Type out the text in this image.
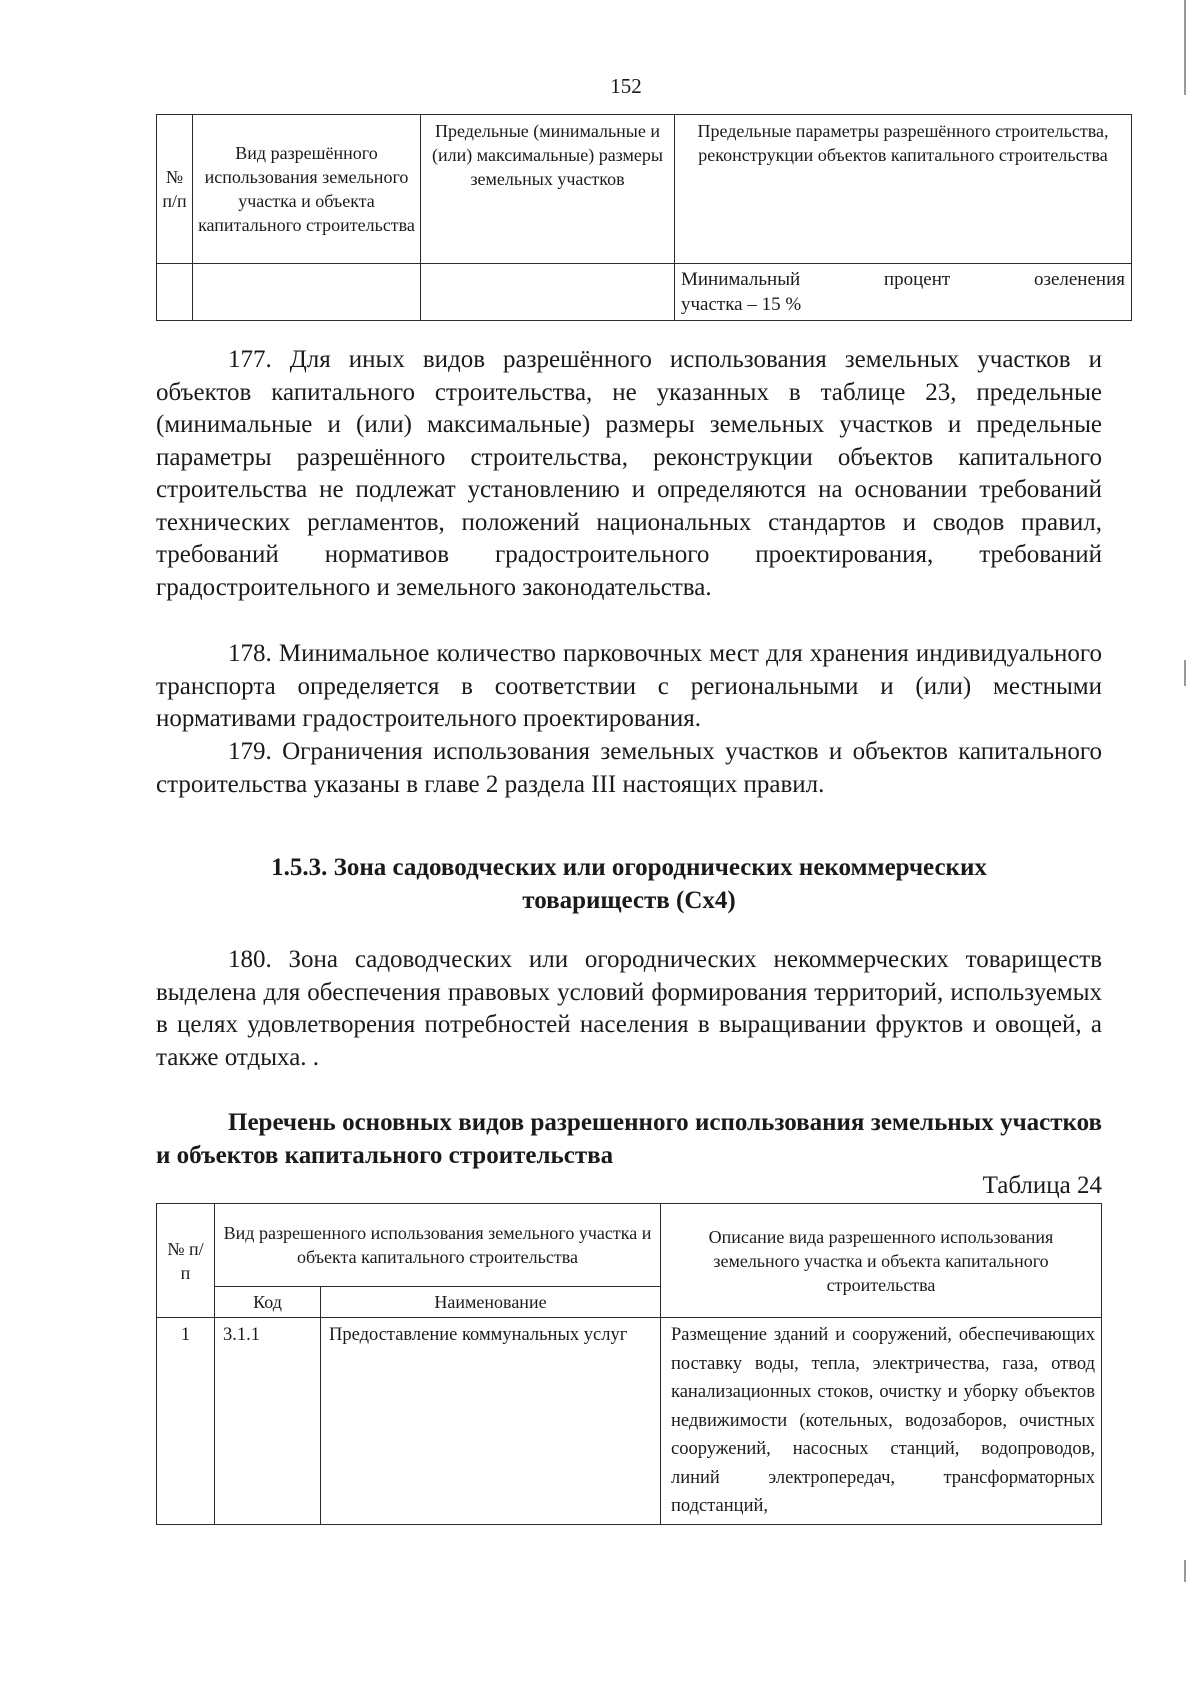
152
№ п/п	Вид разрешённого использования земельного участка и объекта капитального строительства	Предельные (минимальные и (или) максимальные) размеры земельных участков	Предельные параметры разрешённого строительства, реконструкции объектов капитального строительства
			Минимальный процент озеленения
участка – 15 %

177. Для иных видов разрешённого использования земельных участков и объектов капитального строительства, не указанных в таблице 23, предельные (минимальные и (или) максимальные) размеры земельных участков и предельные параметры разрешённого строительства, реконструкции объектов капитального строительства не подлежат установлению и определяются на основании требований технических регламентов, положений национальных стандартов и сводов правил, требований нормативов градостроительного проектирования, требований градостроительного и земельного законодательства.

178. Минимальное количество парковочных мест для хранения индивидуального транспорта определяется в соответствии с региональными и (или) местными нормативами градостроительного проектирования.

179. Ограничения использования земельных участков и объектов капитального строительства указаны в главе 2 раздела III настоящих правил.

1.5.3. Зона садоводческих или огороднических некоммерческих
товариществ (Сх4)

180. Зона садоводческих или огороднических некоммерческих товариществ выделена для обеспечения правовых условий формирования территорий, используемых в целях удовлетворения потребностей населения в выращивании фруктов и овощей, а также отдыха. .

Перечень основных видов разрешенного использования земельных участков и объектов капитального строительства

Таблица 24
№ п/п	Вид разрешенного использования земельного участка и объекта капитального строительства		Описание вида разрешенного использования земельного участка и объекта капитального строительства
	Код	Наименование	
1	3.1.1	Предоставление коммунальных услуг	Размещение зданий и сооружений, обеспечивающих поставку воды, тепла, электричества, газа, отвод канализационных стоков, очистку и уборку объектов недвижимости (котельных, водозаборов, очистных сооружений, насосных станций, водопроводов, линий электропередач, трансформаторных подстанций,
